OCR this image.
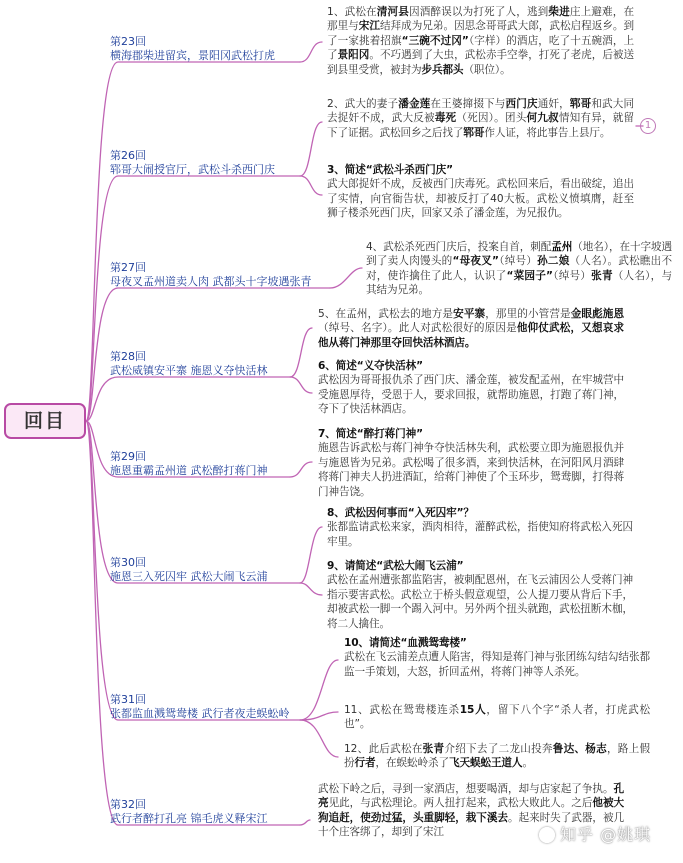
回目
第23回
横海郡柴进留宾，景阳冈武松打虎
第26回
郓哥大闹授官厅，武松斗杀西门庆
第27回
母夜叉孟州道卖人肉 武都头十字坡遇张青
第28回
武松威镇安平寨 施恩义夺快活林
第29回
施恩重霸孟州道 武松醉打蒋门神
第30回
施恩三入死囚牢 武松大闹飞云浦
第31回
张都监血溅鸳鸯楼 武行者夜走蜈蚣岭
第32回
武行者醉打孔亮 锦毛虎义释宋江
1、武松在清河县因酒醉误以为打死了人，逃到柴进庄上避难，在那里与宋江结拜成为兄弟。因思念哥哥武大郎，武松启程返乡。到了一家挑着招旗“三碗不过冈”（字样）的酒店，吃了十五碗酒，上了景阳冈。不巧遇到了大虫，武松赤手空拳，打死了老虎，后被送到县里受赏，被封为步兵都头（职位）。
2、武大的妻子潘金莲在王婆撺掇下与西门庆通奸，郓哥和武大同去捉奸不成，武大反被毒死（死因）。团头何九叔情知有异，就留下了证据。武松回乡之后找了郓哥作人证，将此事告上县厅。
3、简述“武松斗杀西门庆”
武大郎捉奸不成，反被西门庆毒死。武松回来后，看出破绽，追出了实情，向官衙告状，却被反打了40大板。武松义愤填膺，赶至狮子楼杀死西门庆，回家又杀了潘金莲，为兄报仇。
4、武松杀死西门庆后，投案自首，刺配孟州（地名），在十字坡遇到了卖人肉馒头的“母夜叉”（绰号）孙二娘（人名）。武松瞧出不对，使诈擒住了此人，认识了“菜园子”（绰号）张青（人名），与其结为兄弟。
5、在孟州，武松去的地方是安平寨，那里的小管营是金眼彪施恩（绰号、名字）。此人对武松很好的原因是他仰仗武松，又想哀求他从蒋门神那里夺回快活林酒店。
6、简述“义夺快活林”
武松因为哥哥报仇杀了西门庆、潘金莲，被发配孟州，在牢城营中受施恩厚待，受恩于人，要求回报，就帮助施恩，打跑了蒋门神，夺下了快活林酒店。
7、简述“醉打蒋门神”
施恩告诉武松与蒋门神争夺快活林失利，武松要立即为施恩报仇并与施恩皆为兄弟。武松喝了很多酒，来到快活林，在河阳风月酒肆将蒋门神夫人扔进酒缸，给蒋门神使了个玉环步，鸳鸯脚，打得蒋门神告饶。
8、武松因何事而“入死囚牢”？
张都监请武松来家，酒肉相待，灌醉武松，指使知府将武松入死囚牢里。
9、请简述“武松大闹飞云浦”
武松在孟州遭张都监陷害，被刺配恩州，在飞云浦因公人受蒋门神指示要害武松。武松立于桥头假意观望，公人提刀要从背后下手，却被武松一脚一个踢入河中。另外两个扭头就跑，武松扭断木枷，将二人擒住。
10、请简述“血溅鸳鸯楼”
武松在飞云浦差点遭人陷害，得知是蒋门神与张团练勾结勾结张都监一手策划，大怒，折回孟州，将蒋门神等人杀死。
11、武松在鸳鸯楼连杀15人，留下八个字“杀人者，打虎武松也”。
12、此后武松在张青介绍下去了二龙山投奔鲁达、杨志，路上假扮行者，在蜈蚣岭杀了飞天蜈蚣王道人。
武松下岭之后，寻到一家酒店，想要喝酒，却与店家起了争执。孔亮见此，与武松理论。两人扭打起来，武松大败此人。之后他被大狗追赶，使劲过猛，头重脚轻，栽下溪去。起来时失了武器，被几十个庄客绑了，却到了宋江
1
知乎 @姚琪
